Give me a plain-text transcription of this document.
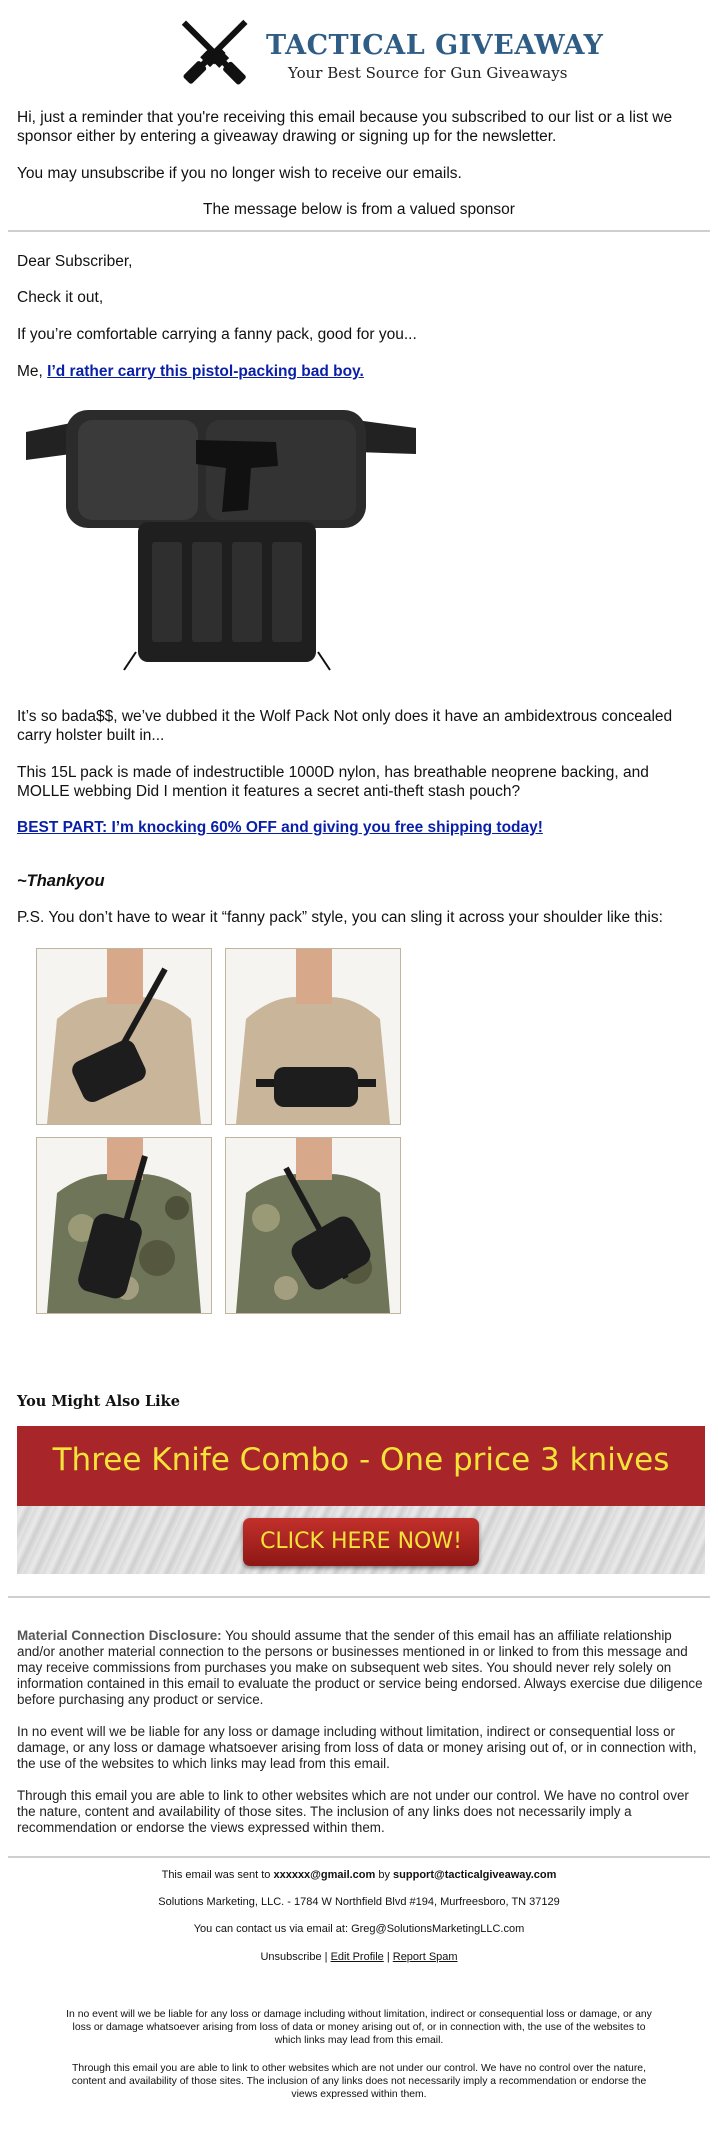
TACTICAL GIVEAWAY
Your Best Source for Gun Giveaways

Hi, just a reminder that you're receiving this email because you subscribed to our list or a list we sponsor either by entering a giveaway drawing or signing up for the newsletter.

You may unsubscribe if you no longer wish to receive our emails.

The message below is from a valued sponsor

Dear Subscriber,

Check it out,

If you’re comfortable carrying a fanny pack, good for you...

Me, I’d rather carry this pistol-packing bad boy.

It’s so bada$$, we’ve dubbed it the Wolf Pack Not only does it have an ambidextrous concealed carry holster built in...

This 15L pack is made of indestructible 1000D nylon, has breathable neoprene backing, and MOLLE webbing Did I mention it features a secret anti-theft stash pouch?

BEST PART: I’m knocking 60% OFF and giving you free shipping today!

~Thankyou

P.S. You don’t have to wear it “fanny pack” style, you can sling it across your shoulder like this:

You Might Also Like
Three Knife Combo - One price 3 knives
CLICK HERE NOW!

Material Connection Disclosure: You should assume that the sender of this email has an affiliate relationship and/or another material connection to the persons or businesses mentioned in or linked to from this message and may receive commissions from purchases you make on subsequent web sites. You should never rely solely on information contained in this email to evaluate the product or service being endorsed. Always exercise due diligence before purchasing any product or service.

In no event will we be liable for any loss or damage including without limitation, indirect or consequential loss or damage, or any loss or damage whatsoever arising from loss of data or money arising out of, or in connection with, the use of the websites to which links may lead from this email.

Through this email you are able to link to other websites which are not under our control. We have no control over the nature, content and availability of those sites. The inclusion of any links does not necessarily imply a recommendation or endorse the views expressed within them.

This email was sent to xxxxxx@gmail.com by support@tacticalgiveaway.com

Solutions Marketing, LLC. - 1784 W Northfield Blvd #194, Murfreesboro, TN 37129

You can contact us via email at: Greg@SolutionsMarketingLLC.com

Unsubscribe | Edit Profile | Report Spam

In no event will we be liable for any loss or damage including without limitation, indirect or consequential loss or damage, or any loss or damage whatsoever arising from loss of data or money arising out of, or in connection with, the use of the websites to which links may lead from this email.

Through this email you are able to link to other websites which are not under our control. We have no control over the nature, content and availability of those sites. The inclusion of any links does not necessarily imply a recommendation or endorse the views expressed within them.
